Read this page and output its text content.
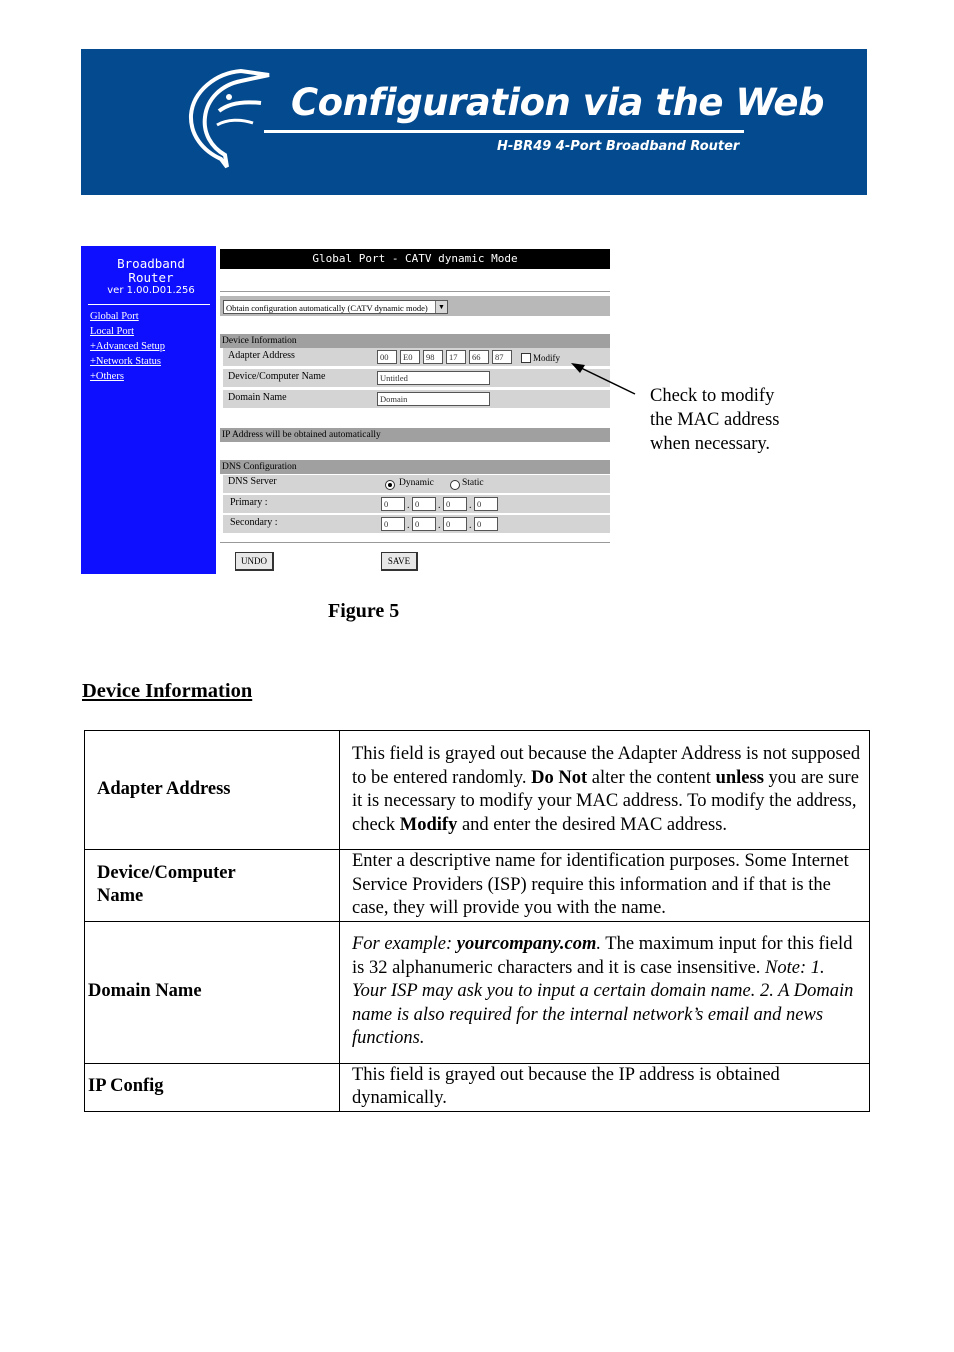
Configuration via the Web
H-BR49 4-Port Broadband Router
Broadband
Router
ver 1.00.D01.256
Global Port
Local Port
+Advanced Setup
+Network Status
+Others
Global Port - CATV dynamic Mode
Obtain configuration automatically (CATV dynamic mode)	▼
Device Information
Adapter Address	00	E0	98	17	66	87	Modify
Device/Computer Name	Untitled
Domain Name	Domain
IP Address will be obtained automatically
DNS Configuration
DNS Server	Dynamic	Static
Primary :	0	. 0	. 0	. 0
Secondary :	0	. 0	. 0	. 0
UNDO	SAVE
Check to modify
the MAC address
when necessary.
Figure 5
Device Information
Adapter Address	This field is grayed out because the Adapter Address is not supposed to be entered randomly. Do Not alter the content unless you are sure it is necessary to modify your MAC address. To modify the address, check Modify and enter the desired MAC address.

Device/Computer
Name	Enter a descriptive name for identification purposes. Some Internet Service Providers (ISP) require this information and if that is the case, they will provide you with the name.
Domain Name	For example: yourcompany.com. The maximum input for this field is 32 alphanumeric characters and it is case insensitive. Note: 1. Your ISP may ask you to input a certain domain name. 2. A Domain name is also required for the internal network’s email and news functions.
IP Config	This field is grayed out because the IP address is obtained dynamically.
